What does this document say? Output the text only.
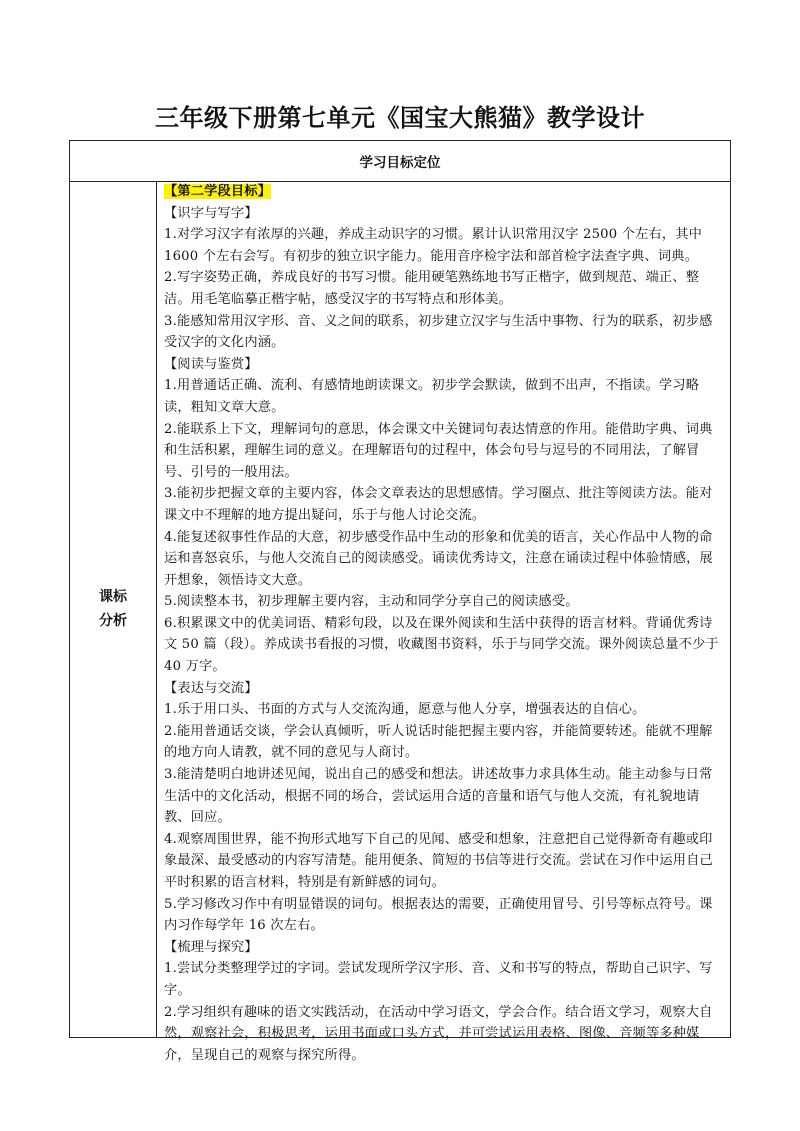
三年级下册第七单元《国宝大熊猫》教学设计
学习目标定位
课标
分析

【第二学段目标】

【识字与写字】

1.对学习汉字有浓厚的兴趣，养成主动识字的习惯。累计认识常用汉字 2500 个左右，其中 1600 个左右会写。有初步的独立识字能力。能用音序检字法和部首检字法查字典、词典。

2.写字姿势正确，养成良好的书写习惯。能用硬笔熟练地书写正楷字，做到规范、端正、整洁。用毛笔临摹正楷字帖，感受汉字的书写特点和形体美。

3.能感知常用汉字形、音、义之间的联系，初步建立汉字与生活中事物、行为的联系，初步感受汉字的文化内涵。

【阅读与鉴赏】

1.用普通话正确、流利、有感情地朗读课文。初步学会默读，做到不出声，不指读。学习略读，粗知文章大意。

2.能联系上下文，理解词句的意思，体会课文中关键词句表达情意的作用。能借助字典、词典和生活积累，理解生词的意义。在理解语句的过程中，体会句号与逗号的不同用法，了解冒号、引号的一般用法。

3.能初步把握文章的主要内容，体会文章表达的思想感情。学习圈点、批注等阅读方法。能对课文中不理解的地方提出疑问，乐于与他人讨论交流。

4.能复述叙事性作品的大意，初步感受作品中生动的形象和优美的语言，关心作品中人物的命运和喜怒哀乐，与他人交流自己的阅读感受。诵读优秀诗文，注意在诵读过程中体验情感，展开想象，领悟诗文大意。

5.阅读整本书，初步理解主要内容，主动和同学分享自己的阅读感受。

6.积累课文中的优美词语、精彩句段，以及在课外阅读和生活中获得的语言材料。背诵优秀诗文 50 篇（段）。养成读书看报的习惯，收藏图书资料，乐于与同学交流。课外阅读总量不少于 40 万字。

【表达与交流】

1.乐于用口头、书面的方式与人交流沟通，愿意与他人分享，增强表达的自信心。

2.能用普通话交谈，学会认真倾听，听人说话时能把握主要内容，并能简要转述。能就不理解的地方向人请教，就不同的意见与人商讨。

3.能清楚明白地讲述见闻，说出自己的感受和想法。讲述故事力求具体生动。能主动参与日常生活中的文化活动，根据不同的场合，尝试运用合适的音量和语气与他人交流，有礼貌地请教、回应。

4.观察周围世界，能不拘形式地写下自己的见闻、感受和想象，注意把自己觉得新奇有趣或印象最深、最受感动的内容写清楚。能用便条、简短的书信等进行交流。尝试在习作中运用自己平时积累的语言材料，特别是有新鲜感的词句。

5.学习修改习作中有明显错误的词句。根据表达的需要，正确使用冒号、引号等标点符号。课内习作每学年 16 次左右。

【梳理与探究】

1.尝试分类整理学过的字词。尝试发现所学汉字形、音、义和书写的特点，帮助自己识字、写字。

2.学习组织有趣味的语文实践活动，在活动中学习语文，学会合作。结合语文学习，观察大自然，观察社会，积极思考，运用书面或口头方式，并可尝试运用表格、图像、音频等多种媒介，呈现自己的观察与探究所得。
